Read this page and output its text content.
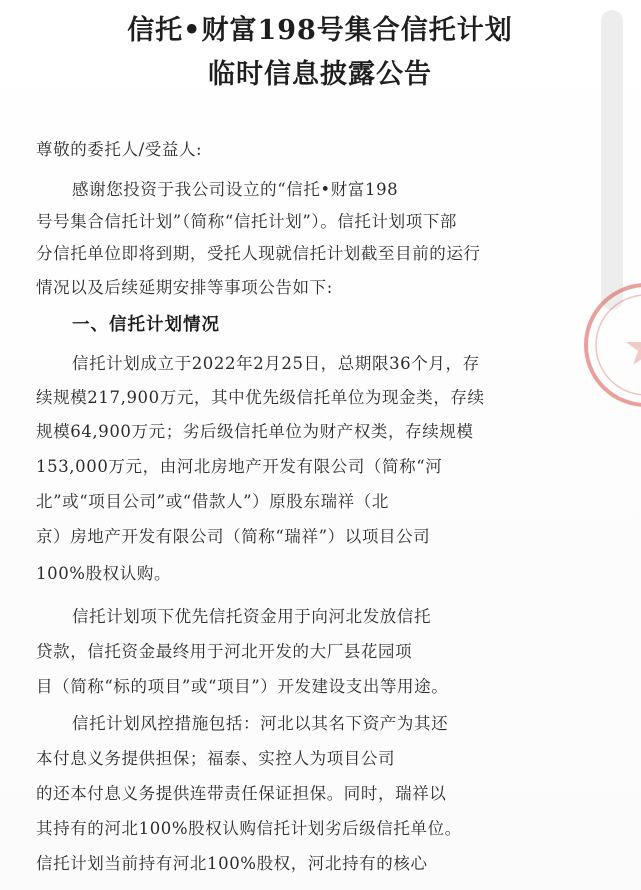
信托•财富198号集合信托计划
临时信息披露公告
尊敬的委托人/受益人:
感谢您投资于我公司设立的“信托•财富198
号号集合信托计划”（简称“信托计划”）。信托计划项下部
分信托单位即将到期，受托人现就信托计划截至目前的运行
情况以及后续延期安排等事项公告如下:
一、信托计划情况
信托计划成立于2022年2月25日，总期限36个月，存
续规模217,900万元，其中优先级信托单位为现金类，存续
规模64,900万元；劣后级信托单位为财产权类，存续规模
153,000万元，由河北房地产开发有限公司（简称“河
北”或“项目公司”或“借款人”）原股东瑞祥（北
京）房地产开发有限公司（简称“瑞祥”）以项目公司
100%股权认购。
信托计划项下优先信托资金用于向河北发放信托
贷款，信托资金最终用于河北开发的大厂县花园项
目（简称“标的项目”或“项目”）开发建设支出等用途。
信托计划风控措施包括：河北以其名下资产为其还
本付息义务提供担保；福泰、实控人为项目公司
的还本付息义务提供连带责任保证担保。同时，瑞祥以
其持有的河北100%股权认购信托计划劣后级信托单位。
信托计划当前持有河北100%股权，河北持有的核心
